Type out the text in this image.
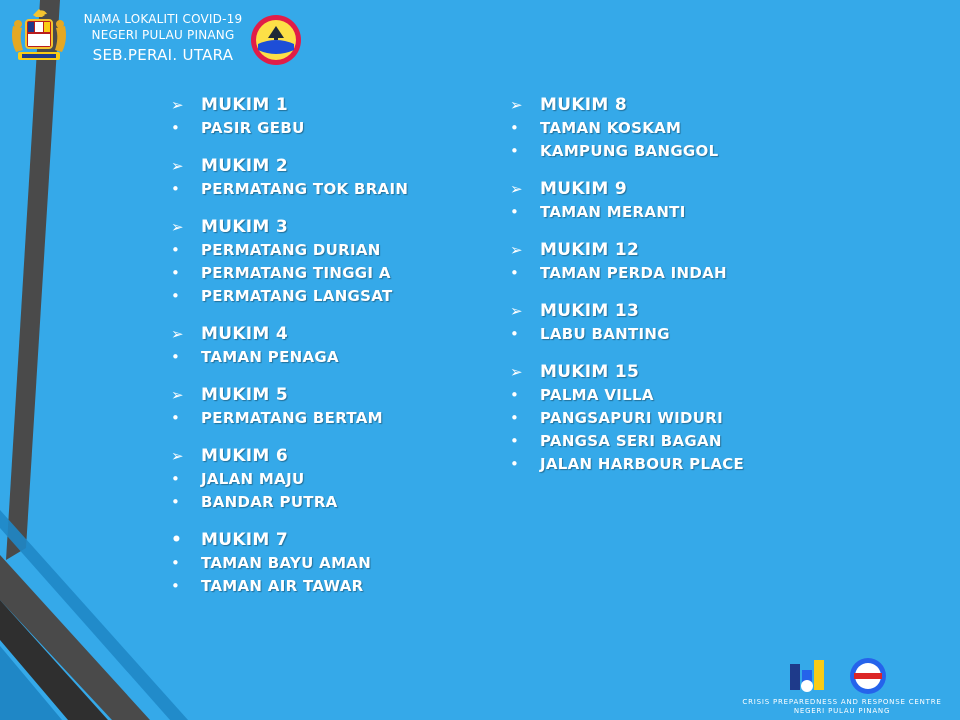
NAMA LOKALITI COVID-19
NEGERI PULAU PINANG
SEB.PERAI. UTARA
➢	MUKIM 1
•	PASIR GEBU
➢	MUKIM 2
•	PERMATANG TOK BRAIN
➢	MUKIM 3
•	PERMATANG DURIAN
•	PERMATANG TINGGI A
•	PERMATANG LANGSAT
➢	MUKIM 4
•	TAMAN PENAGA
➢	MUKIM 5
•	PERMATANG BERTAM
➢	MUKIM 6
•	JALAN MAJU
•	BANDAR PUTRA
•	MUKIM 7
•	TAMAN BAYU AMAN
•	TAMAN AIR TAWAR
➢	MUKIM 8
•	TAMAN KOSKAM
•	KAMPUNG BANGGOL
➢	MUKIM 9
•	TAMAN MERANTI
➢	MUKIM 12
•	TAMAN PERDA INDAH
➢	MUKIM 13
•	LABU BANTING
➢	MUKIM 15
•	PALMA VILLA
•	PANGSAPURI WIDURI
•	PANGSA SERI BAGAN
•	JALAN HARBOUR PLACE
CRISIS PREPAREDNESS AND RESPONSE CENTRE
NEGERI PULAU PINANG
